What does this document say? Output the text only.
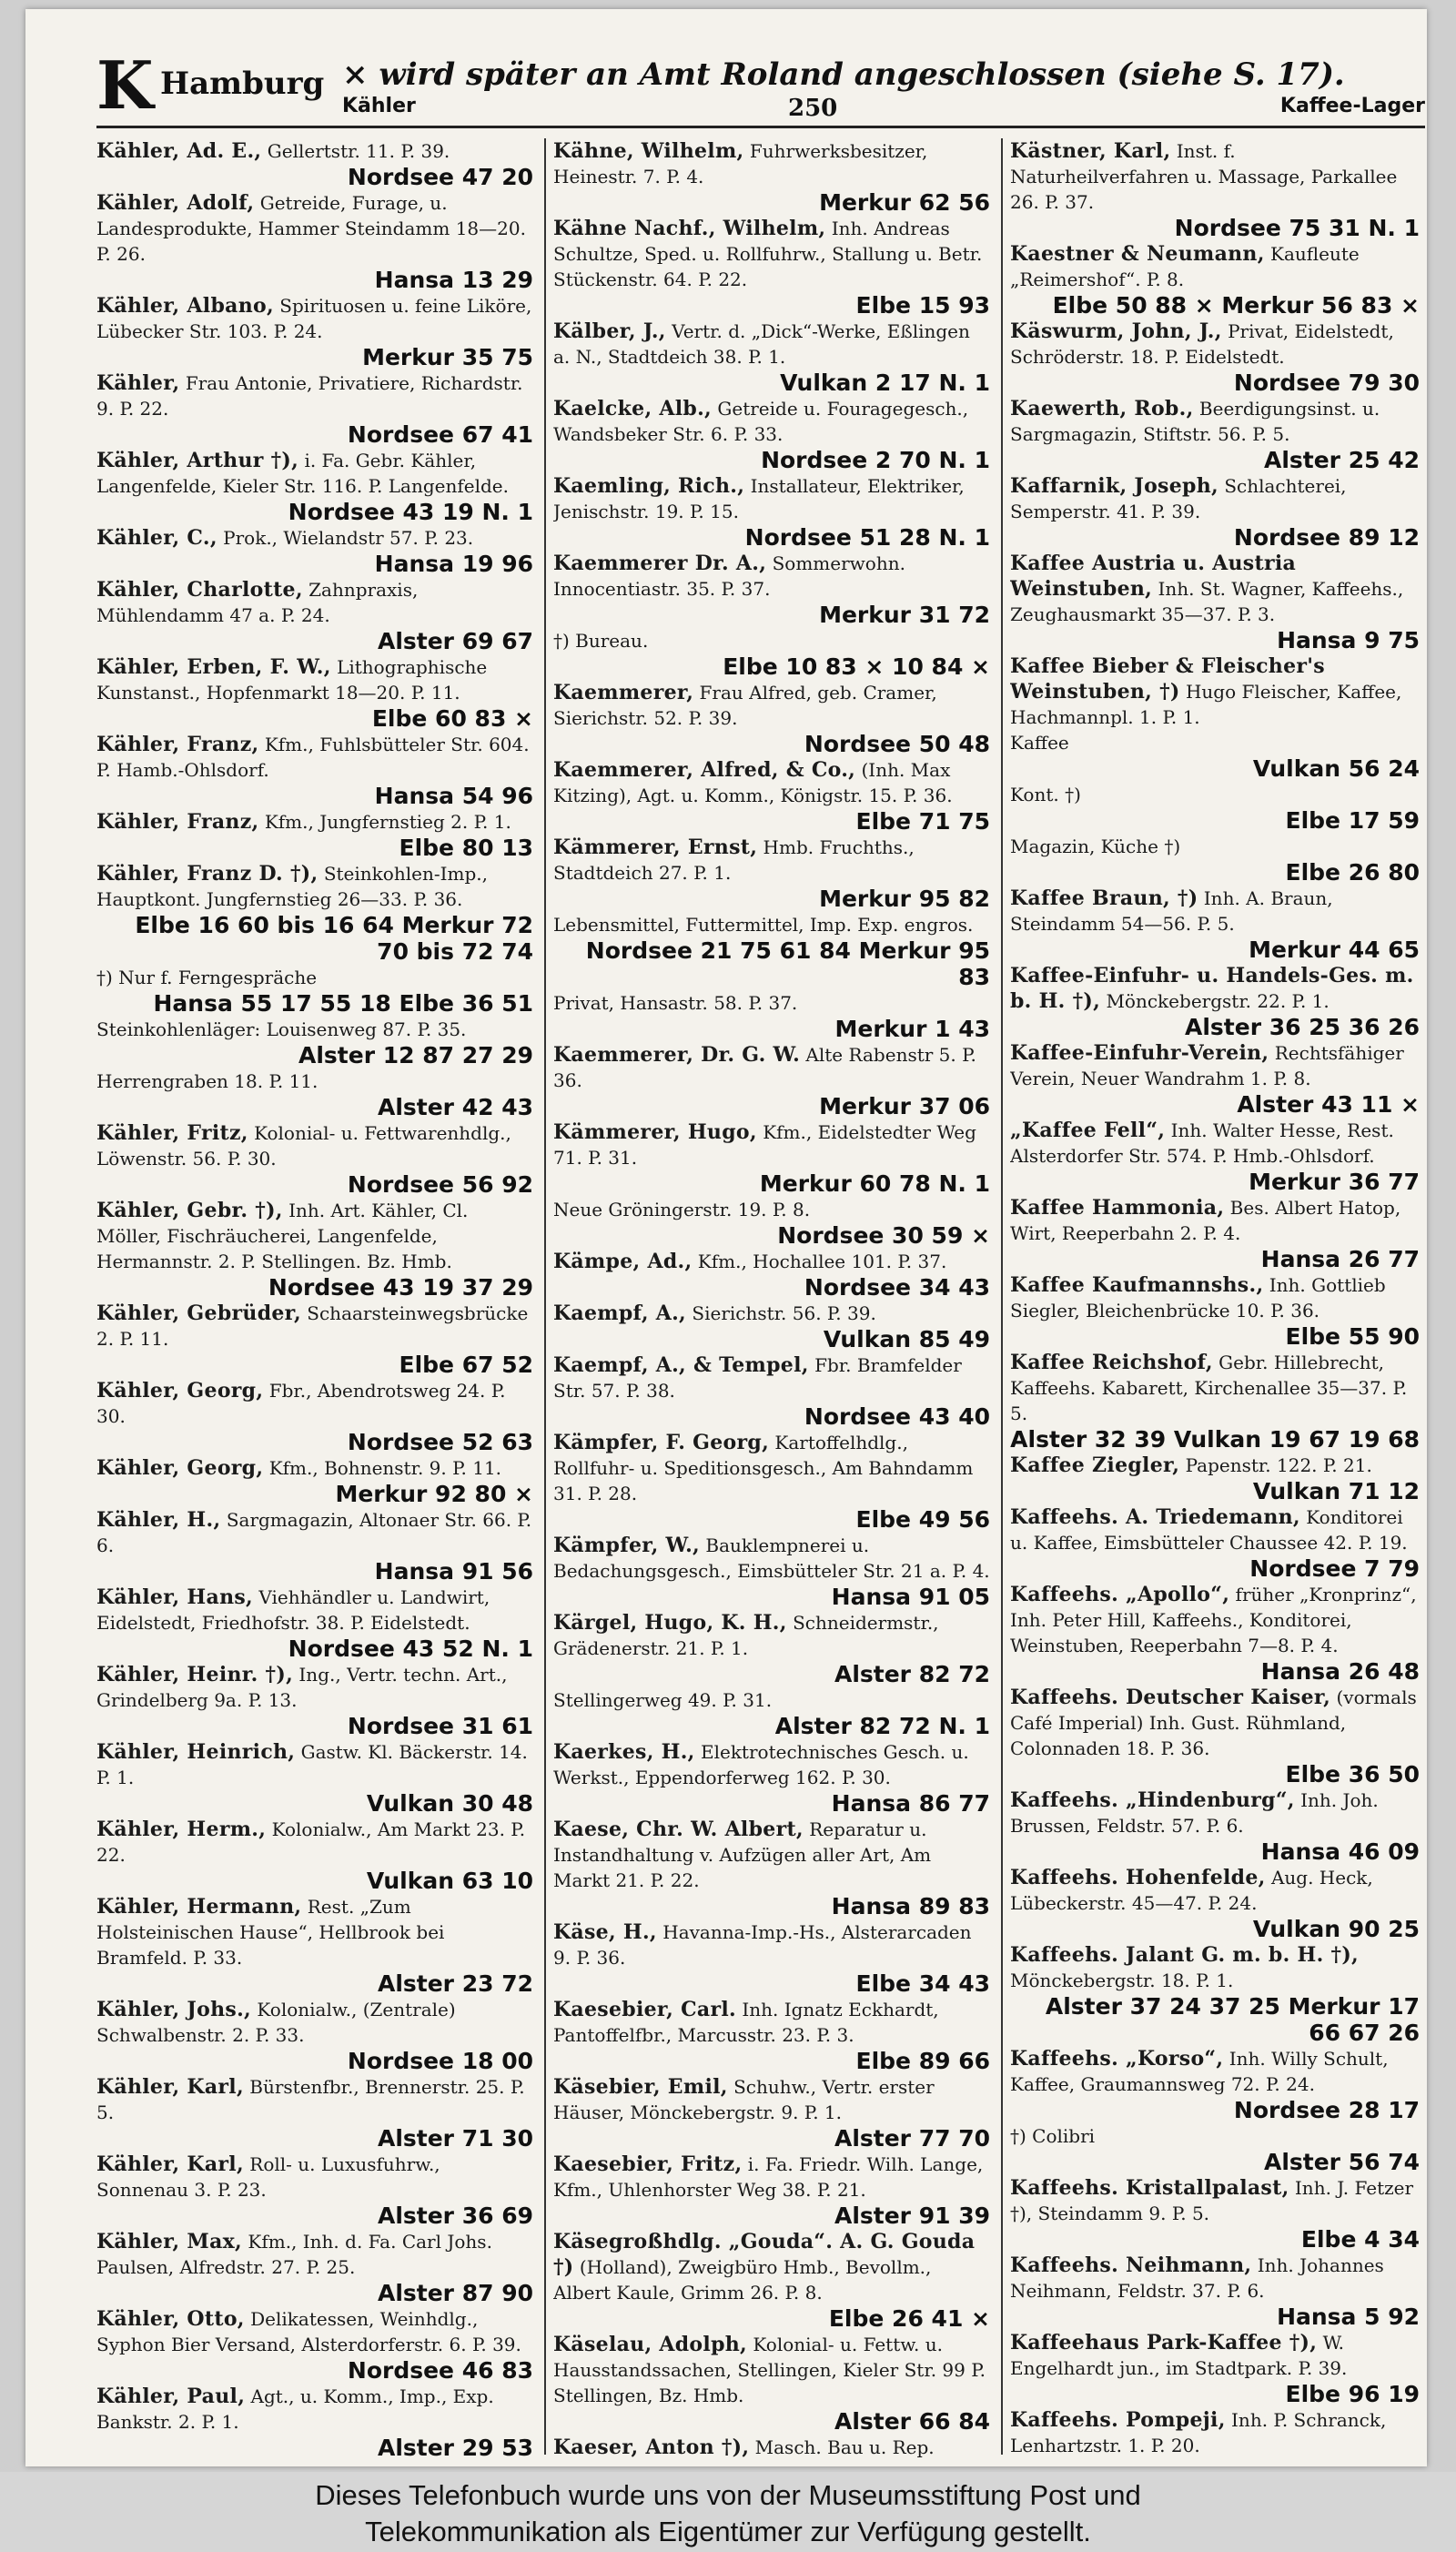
K Hamburg × wird später an Amt Roland angeschlossen (siehe S. 17).
Kähler	250	Kaffee-Lager

Kähler, Ad. E., Gellertstr. 11. P. 39.
Nordsee 47 20

Kähler, Adolf, Getreide, Furage, u. Landesprodukte, Hammer Steindamm 18—20. P. 26.
Hansa 13 29

Kähler, Albano, Spirituosen u. feine Liköre, Lübecker Str. 103. P. 24.
Merkur 35 75

Kähler, Frau Antonie, Privatiere, Richardstr. 9. P. 22.
Nordsee 67 41

Kähler, Arthur †), i. Fa. Gebr. Kähler, Langenfelde, Kieler Str. 116. P. Langenfelde.
Nordsee 43 19 N. 1

Kähler, C., Prok., Wielandstr 57. P. 23.
Hansa 19 96

Kähler, Charlotte, Zahnpraxis, Mühlendamm 47 a. P. 24.
Alster 69 67

Kähler, Erben, F. W., Lithographische Kunstanst., Hopfenmarkt 18—20. P. 11.
Elbe 60 83 ×

Kähler, Franz, Kfm., Fuhlsbütteler Str. 604. P. Hamb.-Ohlsdorf.
Hansa 54 96

Kähler, Franz, Kfm., Jungfernstieg 2. P. 1.
Elbe 80 13

Kähler, Franz D. †), Steinkohlen-Imp., Hauptkont. Jungfernstieg 26—33. P. 36.
Elbe 16 60 bis 16 64 Merkur 72 70 bis 72 74

†) Nur f. Ferngespräche
Hansa 55 17 55 18 Elbe 36 51

Steinkohlenläger: Louisenweg 87. P. 35.
Alster 12 87 27 29

Herrengraben 18. P. 11.
Alster 42 43

Kähler, Fritz, Kolonial- u. Fettwarenhdlg., Löwenstr. 56. P. 30.
Nordsee 56 92

Kähler, Gebr. †), Inh. Art. Kähler, Cl. Möller, Fischräucherei, Langenfelde, Hermannstr. 2. P. Stellingen. Bz. Hmb.
Nordsee 43 19 37 29

Kähler, Gebrüder, Schaarsteinwegsbrücke 2. P. 11.
Elbe 67 52

Kähler, Georg, Fbr., Abendrotsweg 24. P. 30.
Nordsee 52 63

Kähler, Georg, Kfm., Bohnenstr. 9. P. 11.
Merkur 92 80 ×

Kähler, H., Sargmagazin, Altonaer Str. 66. P. 6.
Hansa 91 56

Kähler, Hans, Viehhändler u. Landwirt, Eidelstedt, Friedhofstr. 38. P. Eidelstedt.
Nordsee 43 52 N. 1

Kähler, Heinr. †), Ing., Vertr. techn. Art., Grindelberg 9a. P. 13.
Nordsee 31 61

Kähler, Heinrich, Gastw. Kl. Bäckerstr. 14. P. 1.
Vulkan 30 48

Kähler, Herm., Kolonialw., Am Markt 23. P. 22.
Vulkan 63 10

Kähler, Hermann, Rest. „Zum Holsteinischen Hause“, Hellbrook bei Bramfeld. P. 33.
Alster 23 72

Kähler, Johs., Kolonialw., (Zentrale) Schwalbenstr. 2. P. 33.
Nordsee 18 00

Kähler, Karl, Bürstenfbr., Brennerstr. 25. P. 5.
Alster 71 30

Kähler, Karl, Roll- u. Luxusfuhrw., Sonnenau 3. P. 23.
Alster 36 69

Kähler, Max, Kfm., Inh. d. Fa. Carl Johs. Paulsen, Alfredstr. 27. P. 25.
Alster 87 90

Kähler, Otto, Delikatessen, Weinhdlg., Syphon Bier Versand, Alsterdorferstr. 6. P. 39.
Nordsee 46 83

Kähler, Paul, Agt., u. Komm., Imp., Exp. Bankstr. 2. P. 1.
Alster 29 53

Kähne, Wilhelm, Fuhrwerksbesitzer, Heinestr. 7. P. 4.
Merkur 62 56

Kähne Nachf., Wilhelm, Inh. Andreas Schultze, Sped. u. Rollfuhrw., Stallung u. Betr. Stückenstr. 64. P. 22.
Elbe 15 93

Kälber, J., Vertr. d. „Dick“-Werke, Eßlingen a. N., Stadtdeich 38. P. 1.
Vulkan 2 17 N. 1

Kaelcke, Alb., Getreide u. Fouragegesch., Wandsbeker Str. 6. P. 33.
Nordsee 2 70 N. 1

Kaemling, Rich., Installateur, Elektriker, Jenischstr. 19. P. 15.
Nordsee 51 28 N. 1

Kaemmerer Dr. A., Sommerwohn. Innocentiastr. 35. P. 37.
Merkur 31 72

†) Bureau.
Elbe 10 83 × 10 84 ×

Kaemmerer, Frau Alfred, geb. Cramer, Sierichstr. 52. P. 39.
Nordsee 50 48

Kaemmerer, Alfred, & Co., (Inh. Max Kitzing), Agt. u. Komm., Königstr. 15. P. 36.
Elbe 71 75

Kämmerer, Ernst, Hmb. Fruchths., Stadtdeich 27. P. 1.
Merkur 95 82

Lebensmittel, Futtermittel, Imp. Exp. engros.
Nordsee 21 75 61 84 Merkur 95 83

Privat, Hansastr. 58. P. 37.
Merkur 1 43

Kaemmerer, Dr. G. W. Alte Rabenstr 5. P. 36.
Merkur 37 06

Kämmerer, Hugo, Kfm., Eidelstedter Weg 71. P. 31.
Merkur 60 78 N. 1

Neue Gröningerstr. 19. P. 8.
Nordsee 30 59 ×

Kämpe, Ad., Kfm., Hochallee 101. P. 37.
Nordsee 34 43

Kaempf, A., Sierichstr. 56. P. 39.
Vulkan 85 49

Kaempf, A., & Tempel, Fbr. Bramfelder Str. 57. P. 38.
Nordsee 43 40

Kämpfer, F. Georg, Kartoffelhdlg., Rollfuhr- u. Speditionsgesch., Am Bahndamm 31. P. 28.
Elbe 49 56

Kämpfer, W., Bauklempnerei u. Bedachungsgesch., Eimsbütteler Str. 21 a. P. 4.
Hansa 91 05

Kärgel, Hugo, K. H., Schneidermstr., Grädenerstr. 21. P. 1.
Alster 82 72

Stellingerweg 49. P. 31.
Alster 82 72 N. 1

Kaerkes, H., Elektrotechnisches Gesch. u. Werkst., Eppendorferweg 162. P. 30.
Hansa 86 77

Kaese, Chr. W. Albert, Reparatur u. Instandhaltung v. Aufzügen aller Art, Am Markt 21. P. 22.
Hansa 89 83

Käse, H., Havanna-Imp.-Hs., Alsterarcaden 9. P. 36.
Elbe 34 43

Kaesebier, Carl. Inh. Ignatz Eckhardt, Pantoffelfbr., Marcusstr. 23. P. 3.
Elbe 89 66

Käsebier, Emil, Schuhw., Vertr. erster Häuser, Mönckebergstr. 9. P. 1.
Alster 77 70

Kaesebier, Fritz, i. Fa. Friedr. Wilh. Lange, Kfm., Uhlenhorster Weg 38. P. 21.
Alster 91 39

Käsegroßhdlg. „Gouda“. A. G. Gouda †) (Holland), Zweigbüro Hmb., Bevollm., Albert Kaule, Grimm 26. P. 8.
Elbe 26 41 ×

Käselau, Adolph, Kolonial- u. Fettw. u. Hausstandssachen, Stellingen, Kieler Str. 99 P. Stellingen, Bz. Hmb.
Alster 66 84

Kaeser, Anton †), Masch. Bau u. Rep.

Kästner, Karl, Inst. f. Naturheilverfahren u. Massage, Parkallee 26. P. 37.
Nordsee 75 31 N. 1

Kaestner & Neumann, Kaufleute „Reimershof“. P. 8.
Elbe 50 88 × Merkur 56 83 ×

Käswurm, John, J., Privat, Eidelstedt, Schröderstr. 18. P. Eidelstedt.
Nordsee 79 30

Kaewerth, Rob., Beerdigungsinst. u. Sargmagazin, Stiftstr. 56. P. 5.
Alster 25 42

Kaffarnik, Joseph, Schlachterei, Semperstr. 41. P. 39.
Nordsee 89 12

Kaffee Austria u. Austria Weinstuben, Inh. St. Wagner, Kaffeehs., Zeughausmarkt 35—37. P. 3.
Hansa 9 75

Kaffee Bieber & Fleischer's Weinstuben, †) Hugo Fleischer, Kaffee, Hachmannpl. 1. P. 1.

Kaffee
Vulkan 56 24

Kont. †)
Elbe 17 59

Magazin, Küche †)
Elbe 26 80

Kaffee Braun, †) Inh. A. Braun, Steindamm 54—56. P. 5.
Merkur 44 65

Kaffee-Einfuhr- u. Handels-Ges. m. b. H. †), Mönckebergstr. 22. P. 1.
Alster 36 25 36 26

Kaffee-Einfuhr-Verein, Rechtsfähiger Verein, Neuer Wandrahm 1. P. 8.
Alster 43 11 ×

„Kaffee Fell“, Inh. Walter Hesse, Rest. Alsterdorfer Str. 574. P. Hmb.-Ohlsdorf.
Merkur 36 77

Kaffee Hammonia, Bes. Albert Hatop, Wirt, Reeperbahn 2. P. 4.
Hansa 26 77

Kaffee Kaufmannshs., Inh. Gottlieb Siegler, Bleichenbrücke 10. P. 36.
Elbe 55 90

Kaffee Reichshof, Gebr. Hillebrecht, Kaffeehs. Kabarett, Kirchenallee 35—37. P. 5.
Alster 32 39 Vulkan 19 67 19 68

Kaffee Ziegler, Papenstr. 122. P. 21.
Vulkan 71 12

Kaffeehs. A. Triedemann, Konditorei u. Kaffee, Eimsbütteler Chaussee 42. P. 19.
Nordsee 7 79

Kaffeehs. „Apollo“, früher „Kronprinz“, Inh. Peter Hill, Kaffeehs., Konditorei, Weinstuben, Reeperbahn 7—8. P. 4.
Hansa 26 48

Kaffeehs. Deutscher Kaiser, (vormals Café Imperial) Inh. Gust. Rühmland, Colonnaden 18. P. 36.
Elbe 36 50

Kaffeehs. „Hindenburg“, Inh. Joh. Brussen, Feldstr. 57. P. 6.
Hansa 46 09

Kaffeehs. Hohenfelde, Aug. Heck, Lübeckerstr. 45—47. P. 24.
Vulkan 90 25

Kaffeehs. Jalant G. m. b. H. †), Mönckebergstr. 18. P. 1.
Alster 37 24 37 25 Merkur 17 66 67 26

Kaffeehs. „Korso“, Inh. Willy Schult, Kaffee, Graumannsweg 72. P. 24.
Nordsee 28 17

†) Colibri
Alster 56 74

Kaffeehs. Kristallpalast, Inh. J. Fetzer †), Steindamm 9. P. 5.
Elbe 4 34

Kaffeehs. Neihmann, Inh. Johannes Neihmann, Feldstr. 37. P. 6.
Hansa 5 92

Kaffeehaus Park-Kaffee †), W. Engelhardt jun., im Stadtpark. P. 39.
Elbe 96 19

Kaffeehs. Pompeji, Inh. P. Schranck, Lenhartzstr. 1. P. 20.

Dieses Telefonbuch wurde uns von der Museumsstiftung Post und
Telekommunikation als Eigentümer zur Verfügung gestellt.
